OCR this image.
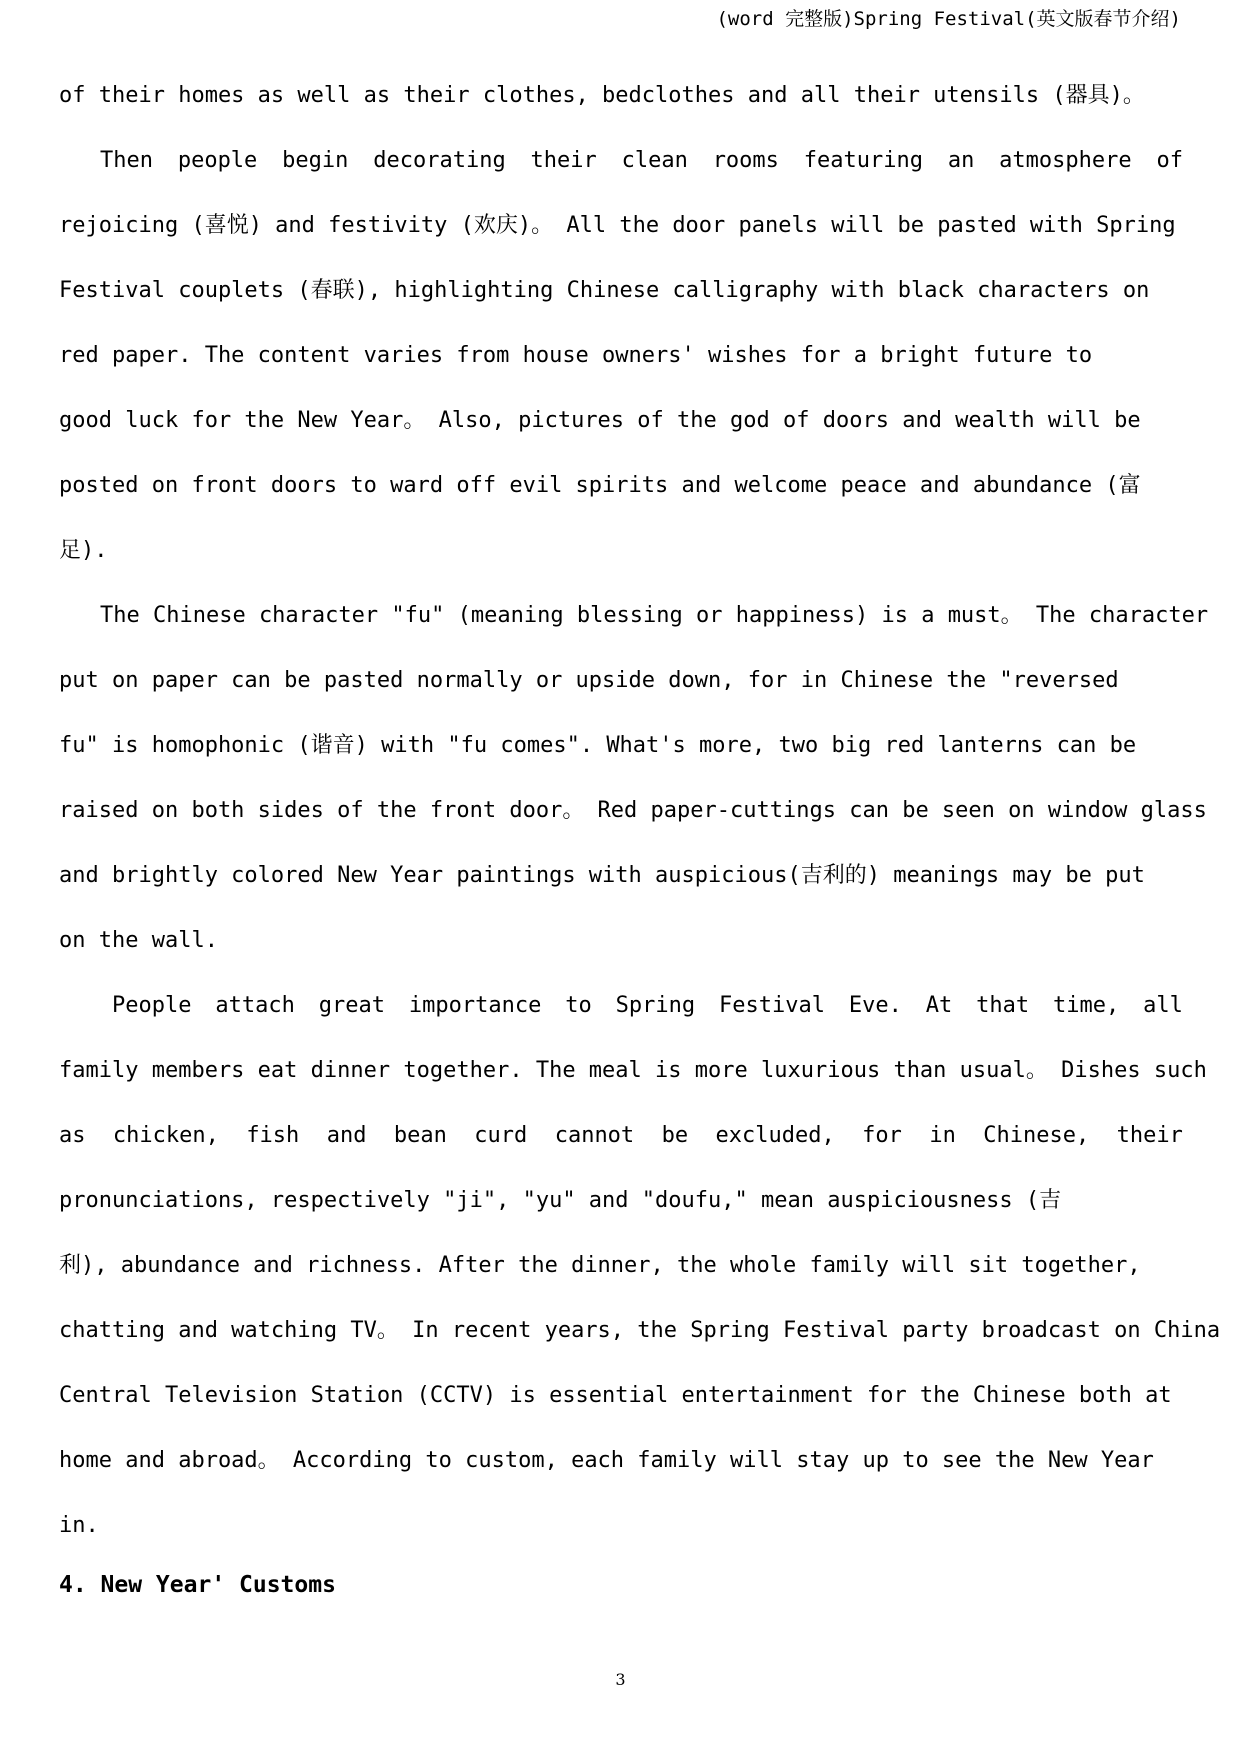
(word 完整版)Spring Festival(英文版春节介绍)
of their homes as well as their clothes, bedclothes and all their utensils (器具)。
Then people begin decorating their clean rooms featuring an atmosphere of
rejoicing (喜悦) and festivity (欢庆)。 All the door panels will be pasted with Spring
Festival couplets (春联), highlighting Chinese calligraphy with black characters on
red paper. The content varies from house owners' wishes for a bright future to
good luck for the New Year。 Also, pictures of the god of doors and wealth will be
posted on front doors to ward off evil spirits and welcome peace and abundance (富
足).
The Chinese character "fu" (meaning blessing or happiness) is a must。 The character
put on paper can be pasted normally or upside down, for in Chinese the "reversed
fu" is homophonic (谐音) with "fu comes". What's more, two big red lanterns can be
raised on both sides of the front door。 Red paper-cuttings can be seen on window glass
and brightly colored New Year paintings with auspicious(吉利的) meanings may be put
on the wall.
People attach great importance to Spring Festival Eve. At that time, all
family members eat dinner together. The meal is more luxurious than usual。 Dishes such
as chicken, fish and bean curd cannot be excluded, for in Chinese, their
pronunciations, respectively "ji", "yu" and "doufu," mean auspiciousness (吉
利), abundance and richness. After the dinner, the whole family will sit together,
chatting and watching TV。 In recent years, the Spring Festival party broadcast on China
Central Television Station (CCTV) is essential entertainment for the Chinese both at
home and abroad。 According to custom, each family will stay up to see the New Year
in.
4. New Year' Customs
3
